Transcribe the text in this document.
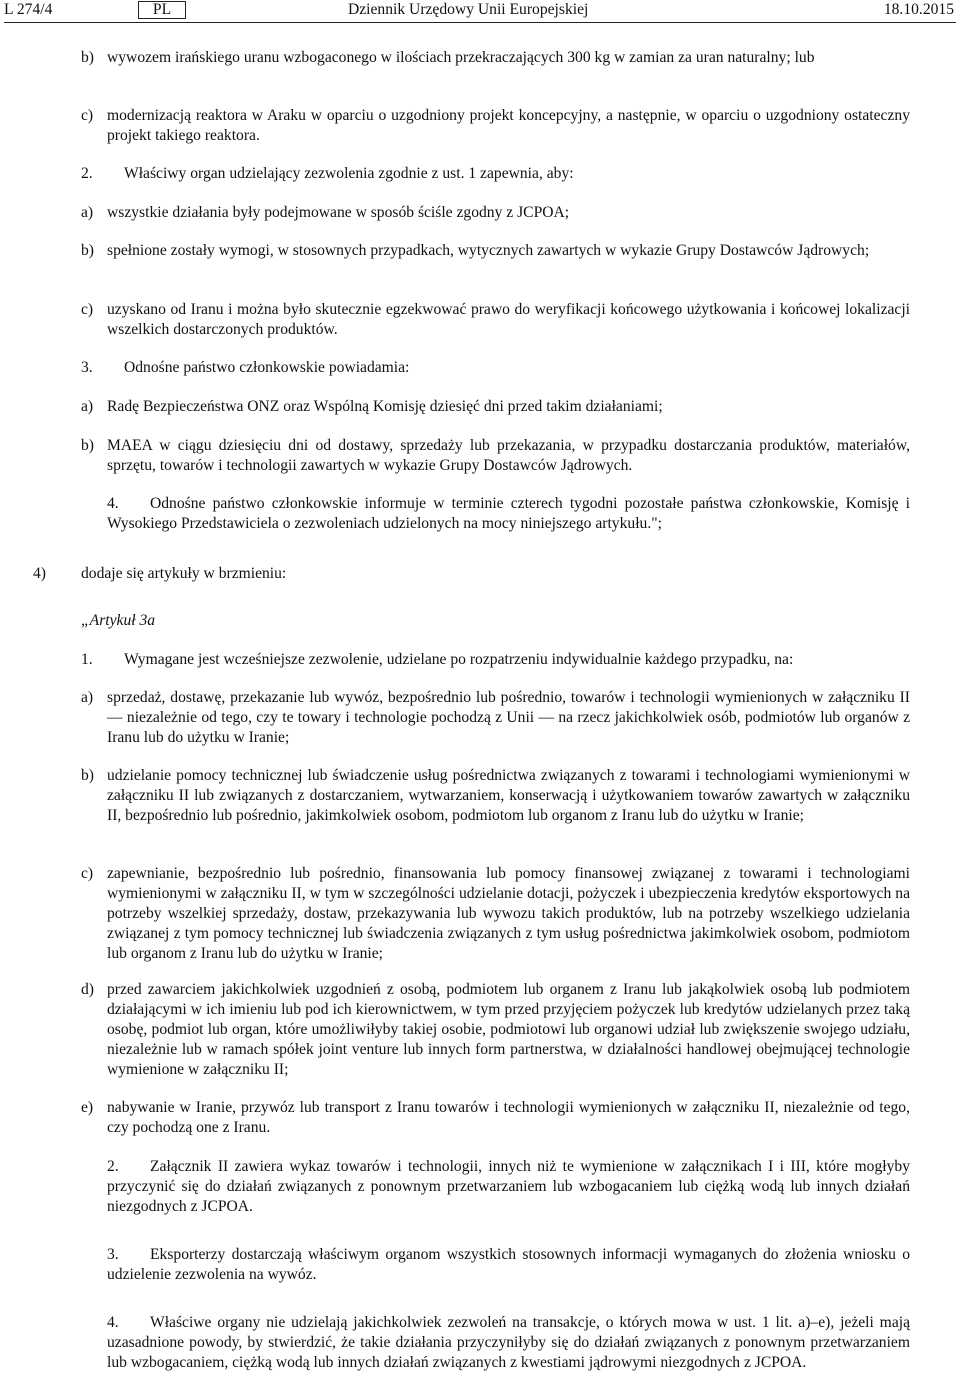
L 274/4	PL	Dziennik Urzędowy Unii Europejskiej	18.10.2015
b) wywozem irańskiego uranu wzbogaconego w ilościach przekraczających 300 kg w zamian za uran naturalny; lub

c) modernizacją reaktora w Araku w oparciu o uzgodniony projekt koncepcyjny, a następnie, w oparciu o uzgodniony ostateczny projekt takiego reaktora.

2. Właściwy organ udzielający zezwolenia zgodnie z ust. 1 zapewnia, aby:

a) wszystkie działania były podejmowane w sposób ściśle zgodny z JCPOA;

b) spełnione zostały wymogi, w stosownych przypadkach, wytycznych zawartych w wykazie Grupy Dostawców Jądrowych;

c) uzyskano od Iranu i można było skutecznie egzekwować prawo do weryfikacji końcowego użytkowania i końcowej lokalizacji wszelkich dostarczonych produktów.

3. Odnośne państwo członkowskie powiadamia:

a) Radę Bezpieczeństwa ONZ oraz Wspólną Komisję dziesięć dni przed takim działaniami;

b) MAEA w ciągu dziesięciu dni od dostawy, sprzedaży lub przekazania, w przypadku dostarczania produktów, materiałów, sprzętu, towarów i technologii zawartych w wykazie Grupy Dostawców Jądrowych.

4. Odnośne państwo członkowskie informuje w terminie czterech tygodni pozostałe państwa członkowskie, Komisję i Wysokiego Przedstawiciela o zezwoleniach udzielonych na mocy niniejszego artykułu.";

4) dodaje się artykuły w brzmieniu:

„Artykuł 3a

1. Wymagane jest wcześniejsze zezwolenie, udzielane po rozpatrzeniu indywidualnie każdego przypadku, na:

a) sprzedaż, dostawę, przekazanie lub wywóz, bezpośrednio lub pośrednio, towarów i technologii wymienionych w załączniku II — niezależnie od tego, czy te towary i technologie pochodzą z Unii — na rzecz jakichkolwiek osób, podmiotów lub organów z Iranu lub do użytku w Iranie;

b) udzielanie pomocy technicznej lub świadczenie usług pośrednictwa związanych z towarami i technologiami wymienionymi w załączniku II lub związanych z dostarczaniem, wytwarzaniem, konserwacją i użytkowaniem towarów zawartych w załączniku II, bezpośrednio lub pośrednio, jakimkolwiek osobom, podmiotom lub organom z Iranu lub do użytku w Iranie;

c) zapewnianie, bezpośrednio lub pośrednio, finansowania lub pomocy finansowej związanej z towarami i technologiami wymienionymi w załączniku II, w tym w szczególności udzielanie dotacji, pożyczek i ubezpieczenia kredytów eksportowych na potrzeby wszelkiej sprzedaży, dostaw, przekazywania lub wywozu takich produktów, lub na potrzeby wszelkiego udzielania związanej z tym pomocy technicznej lub świadczenia związanych z tym usług pośrednictwa jakimkolwiek osobom, podmiotom lub organom z Iranu lub do użytku w Iranie;

d) przed zawarciem jakichkolwiek uzgodnień z osobą, podmiotem lub organem z Iranu lub jakąkolwiek osobą lub podmiotem działającymi w ich imieniu lub pod ich kierownictwem, w tym przed przyjęciem pożyczek lub kredytów udzielanych przez taką osobę, podmiot lub organ, które umożliwiłyby takiej osobie, podmiotowi lub organowi udział lub zwiększenie swojego udziału, niezależnie lub w ramach spółek joint venture lub innych form partnerstwa, w działalności handlowej obejmującej technologie wymienione w załączniku II;

e) nabywanie w Iranie, przywóz lub transport z Iranu towarów i technologii wymienionych w załączniku II, niezależnie od tego, czy pochodzą one z Iranu.

2. Załącznik II zawiera wykaz towarów i technologii, innych niż te wymienione w załącznikach I i III, które mogłyby przyczynić się do działań związanych z ponownym przetwarzaniem lub wzbogacaniem lub ciężką wodą lub innych działań niezgodnych z JCPOA.

3. Eksporterzy dostarczają właściwym organom wszystkich stosownych informacji wymaganych do złożenia wniosku o udzielenie zezwolenia na wywóz.

4. Właściwe organy nie udzielają jakichkolwiek zezwoleń na transakcje, o których mowa w ust. 1 lit. a)–e), jeżeli mają uzasadnione powody, by stwierdzić, że takie działania przyczyniłyby się do działań związanych z ponownym przetwarzaniem lub wzbogacaniem, ciężką wodą lub innych działań związanych z kwestiami jądrowymi niezgodnych z JCPOA.
